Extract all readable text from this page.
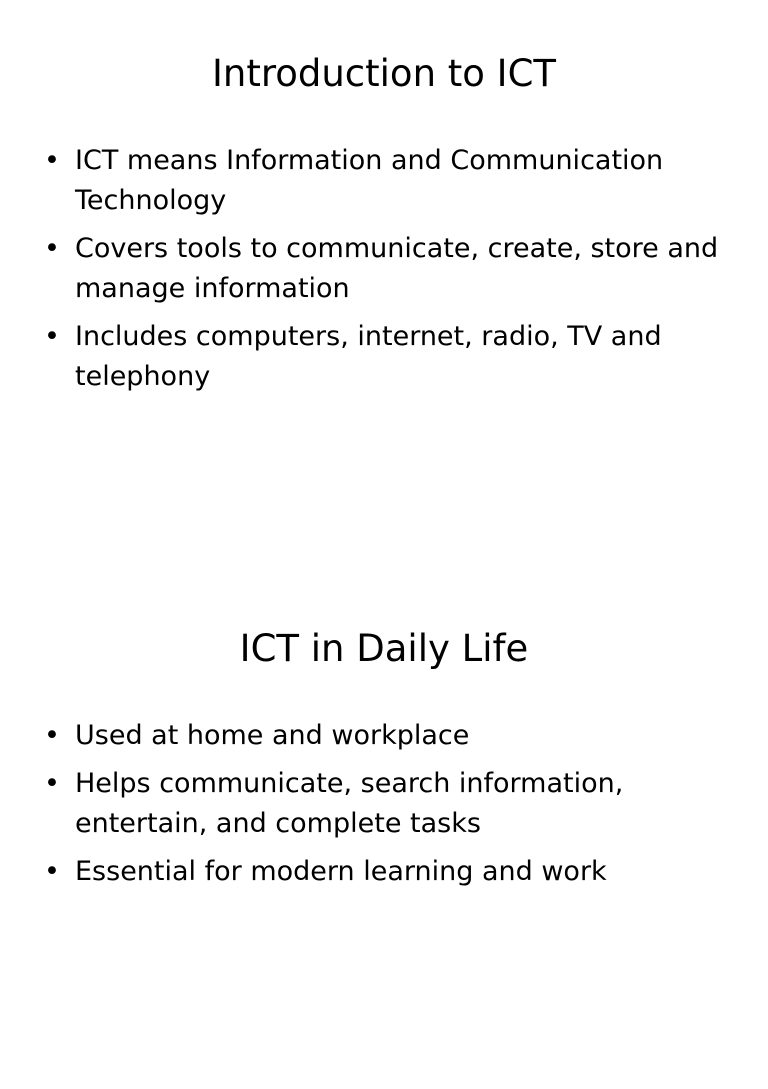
Introduction to ICT
• ICT means Information and Communication Technology
• Covers tools to communicate, create, store and manage information
• Includes computers, internet, radio, TV and telephony
ICT in Daily Life
• Used at home and workplace
• Helps communicate, search information, entertain, and complete tasks
• Essential for modern learning and work
